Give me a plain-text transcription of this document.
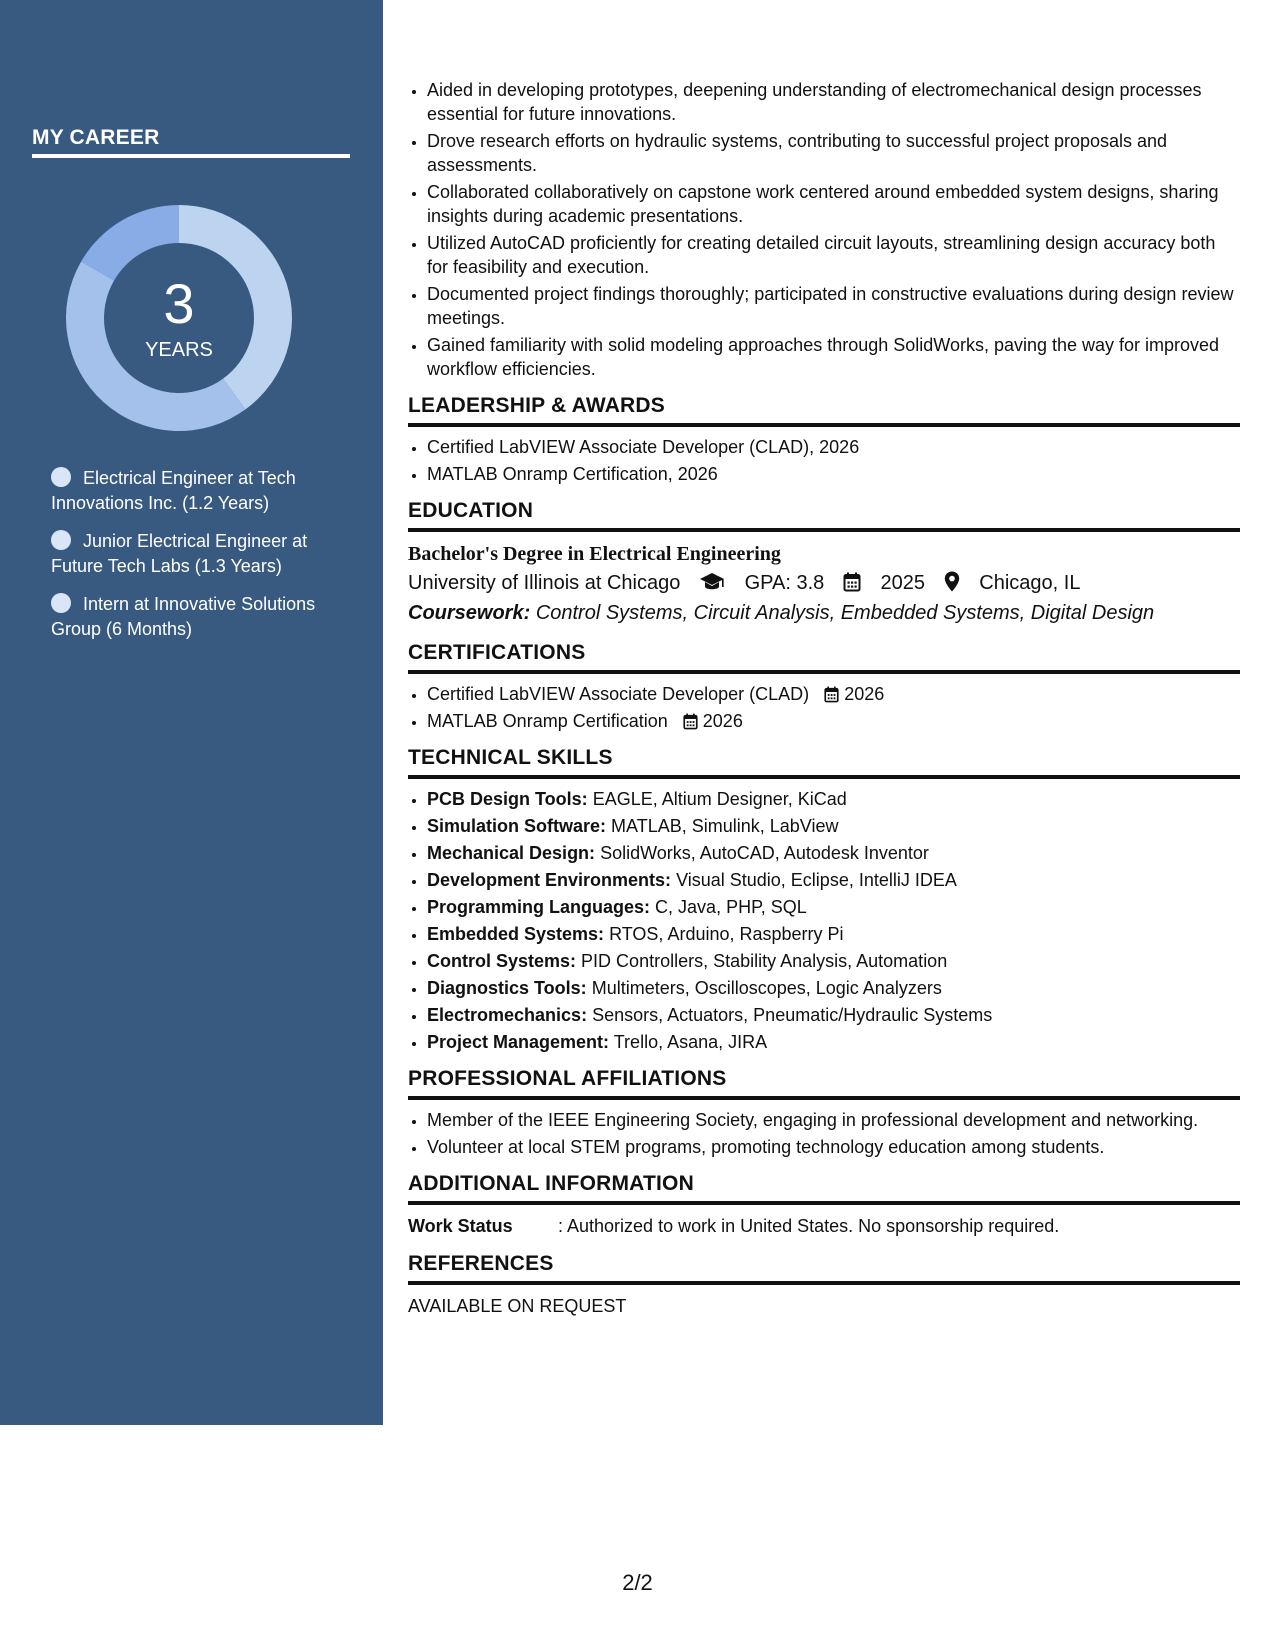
MY CAREER
3
YEARS
Electrical Engineer at Tech Innovations Inc. (1.2 Years)
Junior Electrical Engineer at Future Tech Labs (1.3 Years)
Intern at Innovative Solutions Group (6 Months)
• Aided in developing prototypes, deepening understanding of electromechanical design processes essential for future innovations.
• Drove research efforts on hydraulic systems, contributing to successful project proposals and assessments.
• Collaborated collaboratively on capstone work centered around embedded system designs, sharing insights during academic presentations.
• Utilized AutoCAD proficiently for creating detailed circuit layouts, streamlining design accuracy both for feasibility and execution.
• Documented project findings thoroughly; participated in constructive evaluations during design review meetings.
• Gained familiarity with solid modeling approaches through SolidWorks, paving the way for improved workflow efficiencies.
LEADERSHIP & AWARDS
• Certified LabVIEW Associate Developer (CLAD), 2026
• MATLAB Onramp Certification, 2026
EDUCATION
Bachelor's Degree in Electrical Engineering
University of Illinois at Chicago	GPA: 3.8	2025	Chicago, IL
Coursework: Control Systems, Circuit Analysis, Embedded Systems, Digital Design
CERTIFICATIONS
• Certified LabVIEW Associate Developer (CLAD) 2026
• MATLAB Onramp Certification 2026
TECHNICAL SKILLS
• PCB Design Tools: EAGLE, Altium Designer, KiCad
• Simulation Software: MATLAB, Simulink, LabView
• Mechanical Design: SolidWorks, AutoCAD, Autodesk Inventor
• Development Environments: Visual Studio, Eclipse, IntelliJ IDEA
• Programming Languages: C, Java, PHP, SQL
• Embedded Systems: RTOS, Arduino, Raspberry Pi
• Control Systems: PID Controllers, Stability Analysis, Automation
• Diagnostics Tools: Multimeters, Oscilloscopes, Logic Analyzers
• Electromechanics: Sensors, Actuators, Pneumatic/Hydraulic Systems
• Project Management: Trello, Asana, JIRA
PROFESSIONAL AFFILIATIONS
• Member of the IEEE Engineering Society, engaging in professional development and networking.
• Volunteer at local STEM programs, promoting technology education among students.
ADDITIONAL INFORMATION
Work Status	: Authorized to work in United States. No sponsorship required.
REFERENCES
AVAILABLE ON REQUEST
2/2
